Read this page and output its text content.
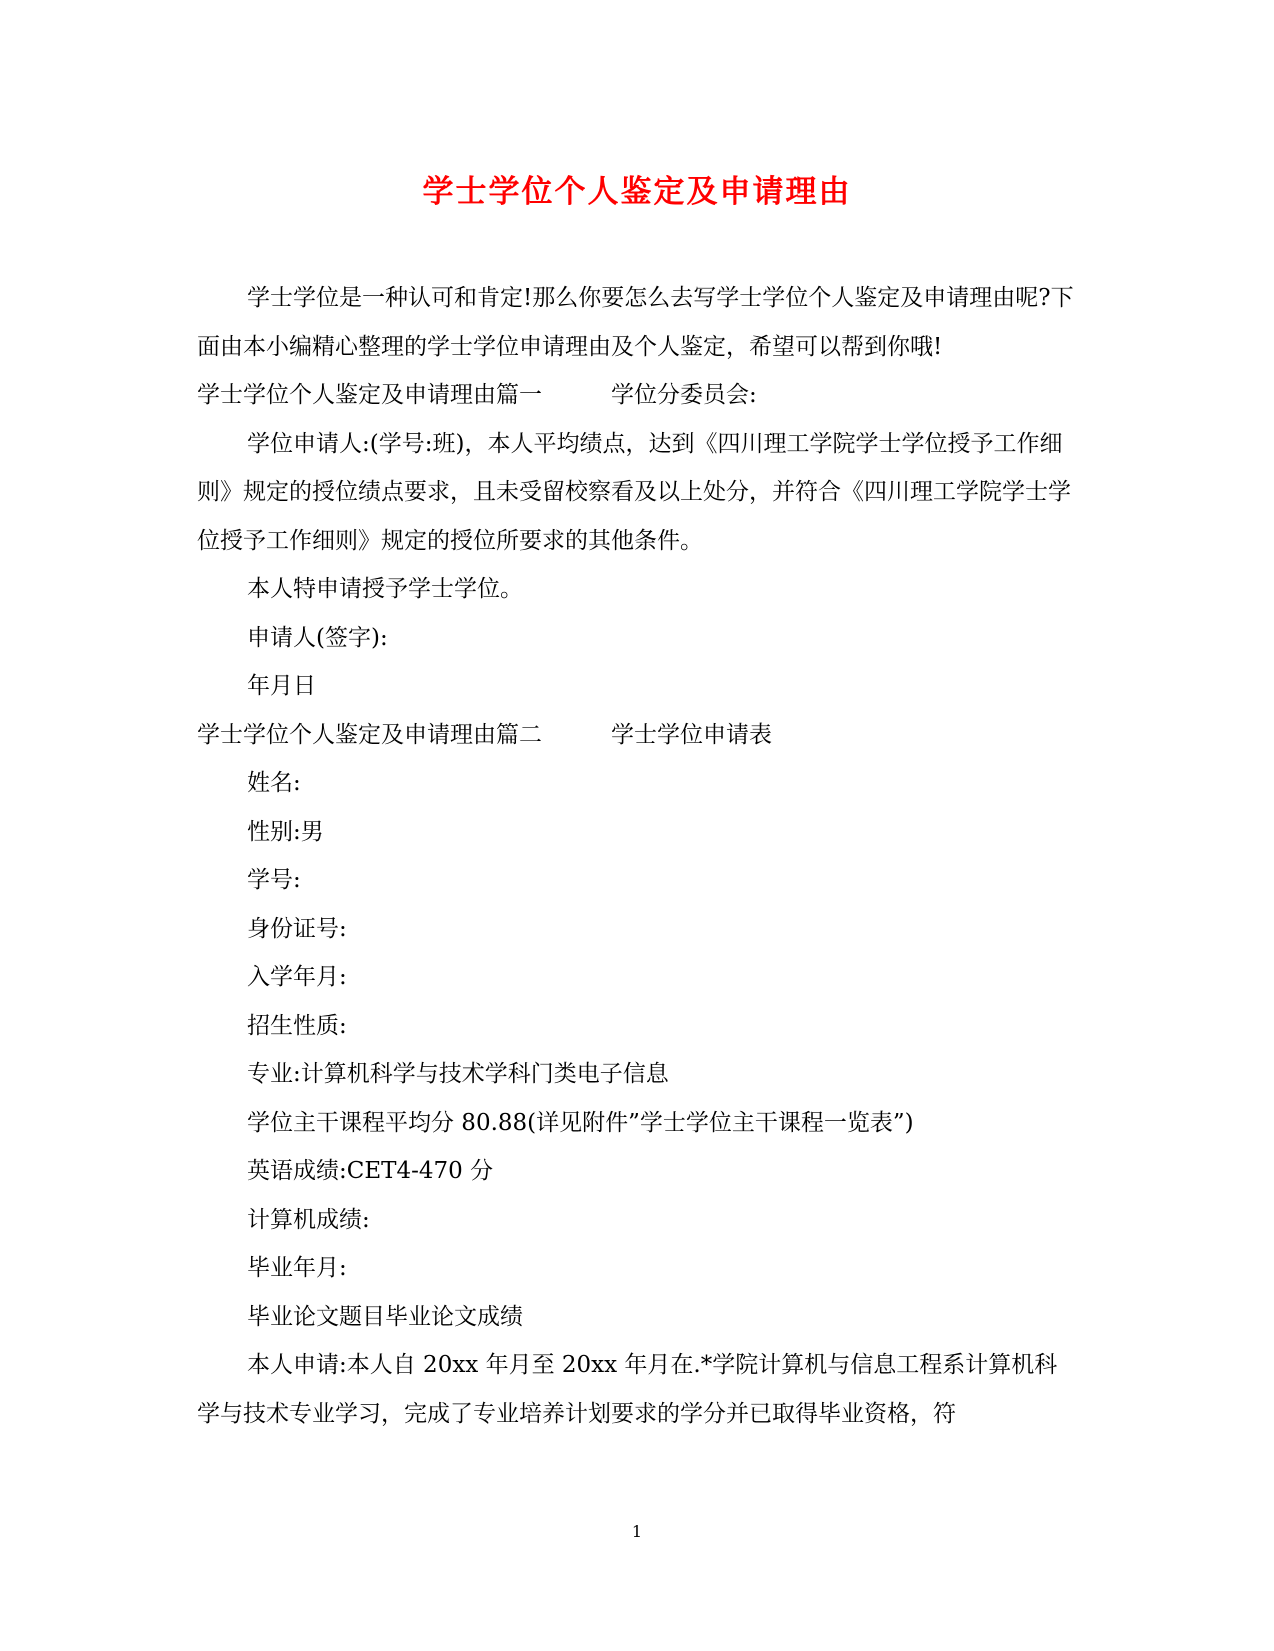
学士学位个人鉴定及申请理由

学士学位是一种认可和肯定!那么你要怎么去写学士学位个人鉴定及申请理由呢?下面由本小编精心整理的学士学位申请理由及个人鉴定，希望可以帮到你哦!

学士学位个人鉴定及申请理由篇一　　　学位分委员会:

学位申请人:(学号:班)，本人平均绩点，达到《四川理工学院学士学位授予工作细则》规定的授位绩点要求，且未受留校察看及以上处分，并符合《四川理工学院学士学位授予工作细则》规定的授位所要求的其他条件。

本人特申请授予学士学位。

申请人(签字):

年月日

学士学位个人鉴定及申请理由篇二　　　学士学位申请表

姓名:

性别:男

学号:

身份证号:

入学年月:

招生性质:

专业:计算机科学与技术学科门类电子信息

学位主干课程平均分 80.88(详见附件”学士学位主干课程一览表”)

英语成绩:CET4-470 分

计算机成绩:

毕业年月:

毕业论文题目毕业论文成绩

本人申请:本人自 20xx 年月至 20xx 年月在.*学院计算机与信息工程系计算机科学与技术专业学习，完成了专业培养计划要求的学分并已取得毕业资格，符

1
